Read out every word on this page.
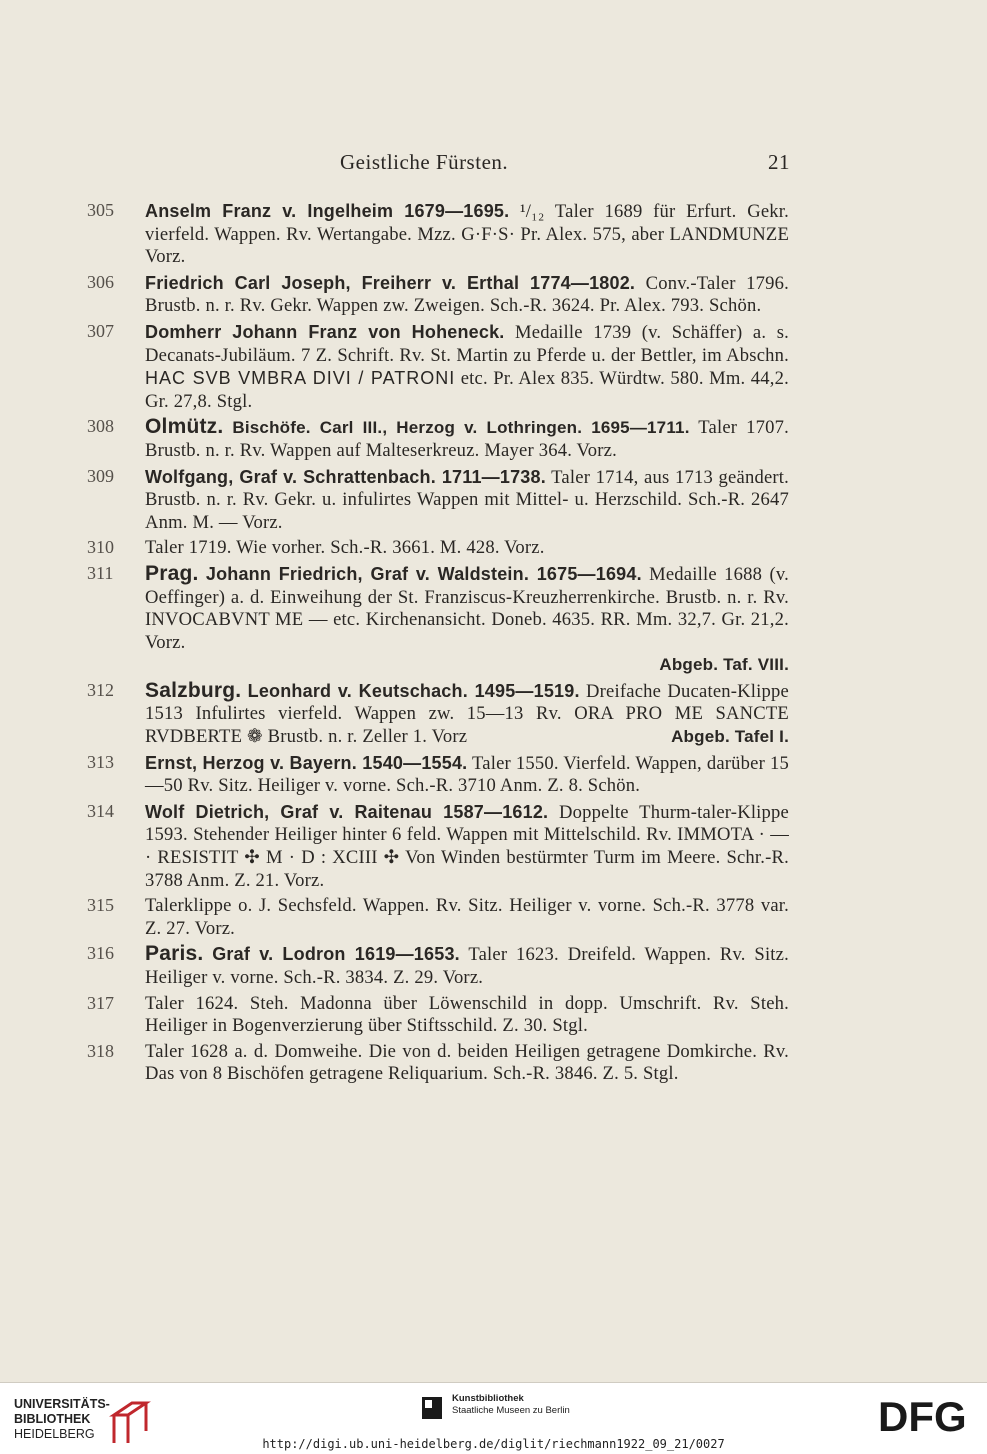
Geistliche Fürsten.	21
305 Anselm Franz v. Ingelheim 1679—1695. ¹/₁₂ Taler 1689 für Erfurt. Gekr. vierfeld. Wappen. Rv. Wertangabe. Mzz. G·F·S· Pr. Alex. 575, aber LANDMUNZE Vorz.
306 Friedrich Carl Joseph, Freiherr v. Erthal 1774—1802. Conv.-Taler 1796. Brustb. n. r. Rv. Gekr. Wappen zw. Zweigen. Sch.-R. 3624. Pr. Alex. 793. Schön.
307 Domherr Johann Franz von Hoheneck. Medaille 1739 (v. Schäffer) a. s. Decanats-Jubiläum. 7 Z. Schrift. Rv. St. Martin zu Pferde u. der Bettler, im Abschn. HAC SVB VMBRA DIVI / PATRONI etc. Pr. Alex 835. Würdtw. 580. Mm. 44,2. Gr. 27,8. Stgl.
308 Olmütz. Bischöfe. Carl III., Herzog v. Lothringen. 1695—1711. Taler 1707. Brustb. n. r. Rv. Wappen auf Malteserkreuz. Mayer 364. Vorz.
309 Wolfgang, Graf v. Schrattenbach. 1711—1738. Taler 1714, aus 1713 geändert. Brustb. n. r. Rv. Gekr. u. infulirtes Wappen mit Mittel- u. Herzschild. Sch.-R. 2647 Anm. M. — Vorz.
310 Taler 1719. Wie vorher. Sch.-R. 3661. M. 428. Vorz.
311 Prag. Johann Friedrich, Graf v. Waldstein. 1675—1694. Medaille 1688 (v. Oeffinger) a. d. Einweihung der St. Franziscus-Kreuzherrenkirche. Brustb. n. r. Rv. INVOCABVNT ME — etc. Kirchenansicht. Doneb. 4635. RR. Mm. 32,7. Gr. 21,2. Vorz.
Abgeb. Taf. VIII.
312 Salzburg. Leonhard v. Keutschach. 1495—1519. Dreifache Ducaten-Klippe 1513 Infulirtes vierfeld. Wappen zw. 15—13 Rv. ORA PRO ME SANCTE RVDBERTE ❁ Brustb. n. r. Zeller 1. Vorz	Abgeb. Tafel I.
313 Ernst, Herzog v. Bayern. 1540—1554. Taler 1550. Vierfeld. Wappen, darüber 15—50 Rv. Sitz. Heiliger v. vorne. Sch.-R. 3710 Anm. Z. 8. Schön.
314 Wolf Dietrich, Graf v. Raitenau 1587—1612. Doppelte Thurm-taler-Klippe 1593. Stehender Heiliger hinter 6 feld. Wappen mit Mittelschild. Rv. IMMOTA · — · RESISTIT ✣ M · D : XCIII ✣ Von Winden bestürmter Turm im Meere. Schr.-R. 3788 Anm. Z. 21. Vorz.
315 Talerklippe o. J. Sechsfeld. Wappen. Rv. Sitz. Heiliger v. vorne. Sch.-R. 3778 var. Z. 27. Vorz.
316 Paris. Graf v. Lodron 1619—1653. Taler 1623. Dreifeld. Wappen. Rv. Sitz. Heiliger v. vorne. Sch.-R. 3834. Z. 29. Vorz.
317 Taler 1624. Steh. Madonna über Löwenschild in dopp. Umschrift. Rv. Steh. Heiliger in Bogenverzierung über Stiftsschild. Z. 30. Stgl.
318 Taler 1628 a. d. Domweihe. Die von d. beiden Heiligen getragene Domkirche. Rv. Das von 8 Bischöfen getragene Reliquarium. Sch.-R. 3846. Z. 5. Stgl.
UNIVERSITÄTS-
BIBLIOTHEK
HEIDELBERG
Kunstbibliothek
Staatliche Museen zu Berlin	DFG
http://digi.ub.uni-heidelberg.de/diglit/riechmann1922_09_21/0027
